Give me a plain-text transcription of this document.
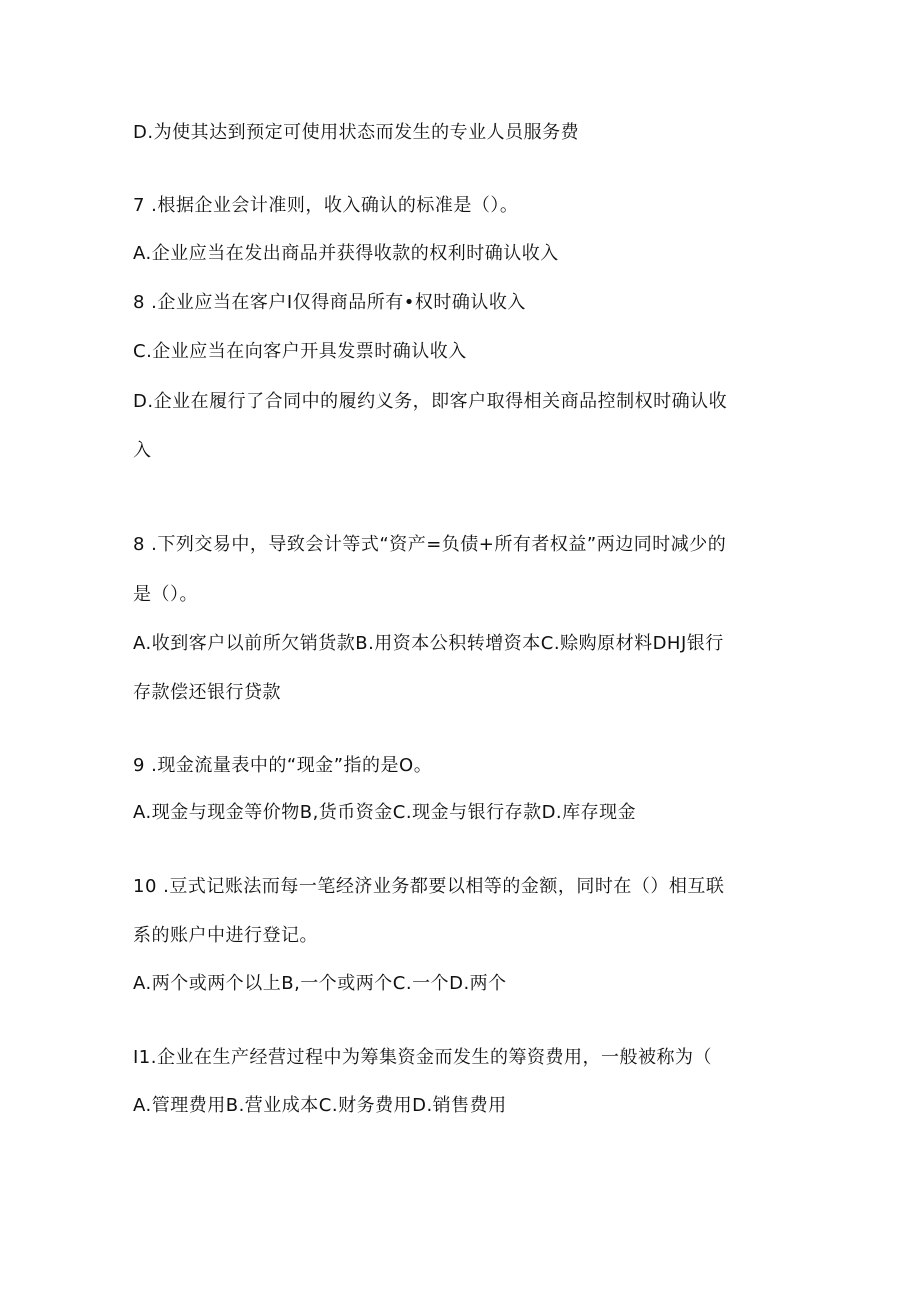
D.为使其达到预定可使用状态而发生的专业人员服务费
7 .根据企业会计准则，收入确认的标准是（）。
A.企业应当在发出商品并获得收款的权利时确认收入
8 .企业应当在客户I仅得商品所有•权时确认收入
C.企业应当在向客户开具发票时确认收入
D.企业在履行了合同中的履约义务，即客户取得相关商品控制权时确认收
入
8 .下列交易中，导致会计等式“资产=负债+所有者权益”两边同时减少的
是（）。
A.收到客户以前所欠销货款B.用资本公积转增资本C.赊购原材料DHJ银行
存款偿还银行贷款
9 .现金流量表中的“现金”指的是O。
A.现金与现金等价物B,货币资金C.现金与银行存款D.库存现金
10 .豆式记账法而每一笔经济业务都要以相等的金额，同时在（）相互联
系的账户中进行登记。
A.两个或两个以上B,一个或两个C.一个D.两个
I1.企业在生产经营过程中为筹集资金而发生的筹资费用，一般被称为（
A.管理费用B.营业成本C.财务费用D.销售费用
